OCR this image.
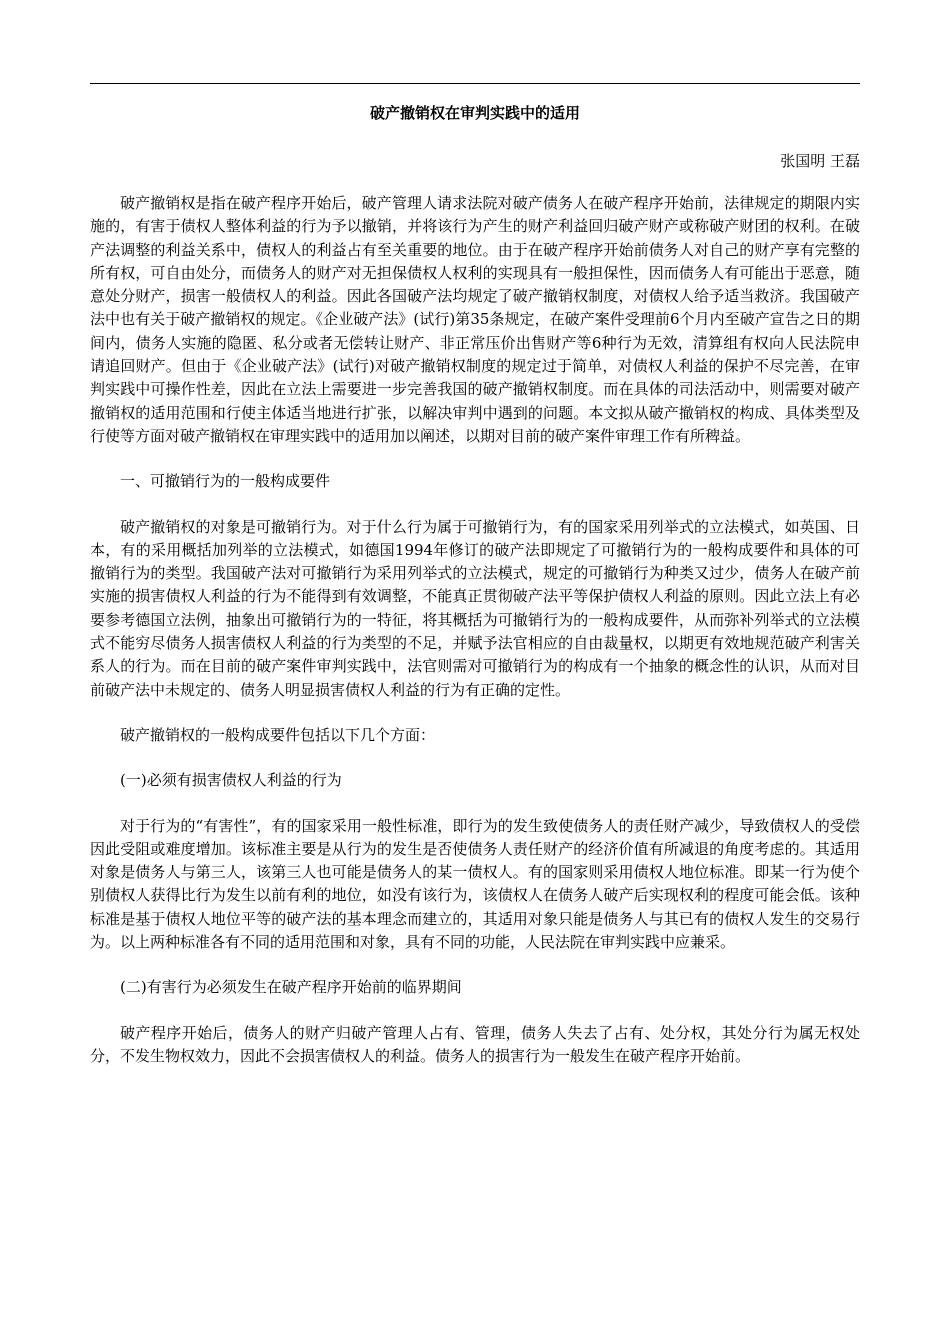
破产撤销权在审判实践中的适用
张国明 王磊

破产撤销权是指在破产程序开始后，破产管理人请求法院对破产债务人在破产程序开始前，法律规定的期限内实施的，有害于债权人整体利益的行为予以撤销，并将该行为产生的财产利益回归破产财产或称破产财团的权利。在破产法调整的利益关系中，债权人的利益占有至关重要的地位。由于在破产程序开始前债务人对自己的财产享有完整的所有权，可自由处分，而债务人的财产对无担保债权人权利的实现具有一般担保性，因而债务人有可能出于恶意，随意处分财产，损害一般债权人的利益。因此各国破产法均规定了破产撤销权制度，对债权人给予适当救济。我国破产法中也有关于破产撤销权的规定。《企业破产法》(试行)第35条规定，在破产案件受理前6个月内至破产宣告之日的期间内，债务人实施的隐匿、私分或者无偿转让财产、非正常压价出售财产等6种行为无效，清算组有权向人民法院申请追回财产。但由于《企业破产法》(试行)对破产撤销权制度的规定过于简单，对债权人利益的保护不尽完善，在审判实践中可操作性差，因此在立法上需要进一步完善我国的破产撤销权制度。而在具体的司法活动中，则需要对破产撤销权的适用范围和行使主体适当地进行扩张，以解决审判中遇到的问题。本文拟从破产撤销权的构成、具体类型及行使等方面对破产撤销权在审理实践中的适用加以阐述，以期对目前的破产案件审理工作有所稗益。

一、可撤销行为的一般构成要件

破产撤销权的对象是可撤销行为。对于什么行为属于可撤销行为，有的国家采用列举式的立法模式，如英国、日本，有的采用概括加列举的立法模式，如德国1994年修订的破产法即规定了可撤销行为的一般构成要件和具体的可撤销行为的类型。我国破产法对可撤销行为采用列举式的立法模式，规定的可撤销行为种类又过少，债务人在破产前实施的损害债权人利益的行为不能得到有效调整，不能真正贯彻破产法平等保护债权人利益的原则。因此立法上有必要参考德国立法例，抽象出可撤销行为的一特征，将其概括为可撤销行为的一般构成要件，从而弥补列举式的立法模式不能穷尽债务人损害债权人利益的行为类型的不足，并赋予法官相应的自由裁量权，以期更有效地规范破产利害关系人的行为。而在目前的破产案件审判实践中，法官则需对可撤销行为的构成有一个抽象的概念性的认识，从而对目前破产法中未规定的、债务人明显损害债权人利益的行为有正确的定性。

破产撤销权的一般构成要件包括以下几个方面：

(一)必须有损害债权人利益的行为

对于行为的“有害性”，有的国家采用一般性标准，即行为的发生致使债务人的责任财产减少，导致债权人的受偿因此受阻或难度增加。该标准主要是从行为的发生是否使债务人责任财产的经济价值有所减退的角度考虑的。其适用对象是债务人与第三人，该第三人也可能是债务人的某一债权人。有的国家则采用债权人地位标准。即某一行为使个别债权人获得比行为发生以前有利的地位，如没有该行为，该债权人在债务人破产后实现权利的程度可能会低。该种标准是基于债权人地位平等的破产法的基本理念而建立的，其适用对象只能是债务人与其已有的债权人发生的交易行为。以上两种标准各有不同的适用范围和对象，具有不同的功能，人民法院在审判实践中应兼采。

(二)有害行为必须发生在破产程序开始前的临界期间

破产程序开始后，债务人的财产归破产管理人占有、管理，债务人失去了占有、处分权，其处分行为属无权处分，不发生物权效力，因此不会损害债权人的利益。债务人的损害行为一般发生在破产程序开始前。
